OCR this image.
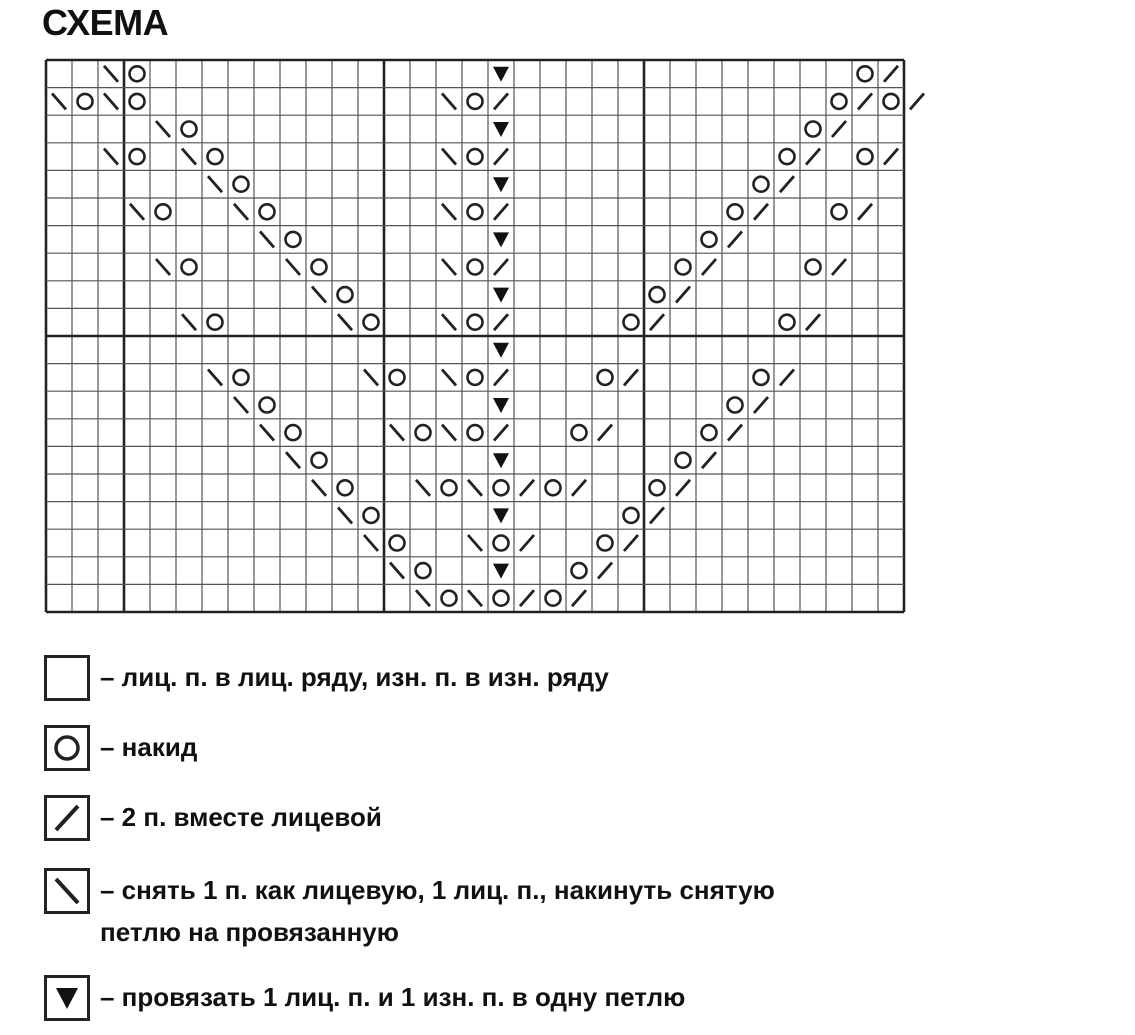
СХЕМА
– лиц. п. в лиц. ряду, изн. п. в изн. ряду
– накид
– 2 п. вместе лицевой
– снять 1 п. как лицевую, 1 лиц. п., накинуть снятую
петлю на провязанную
– провязать 1 лиц. п. и 1 изн. п. в одну петлю
